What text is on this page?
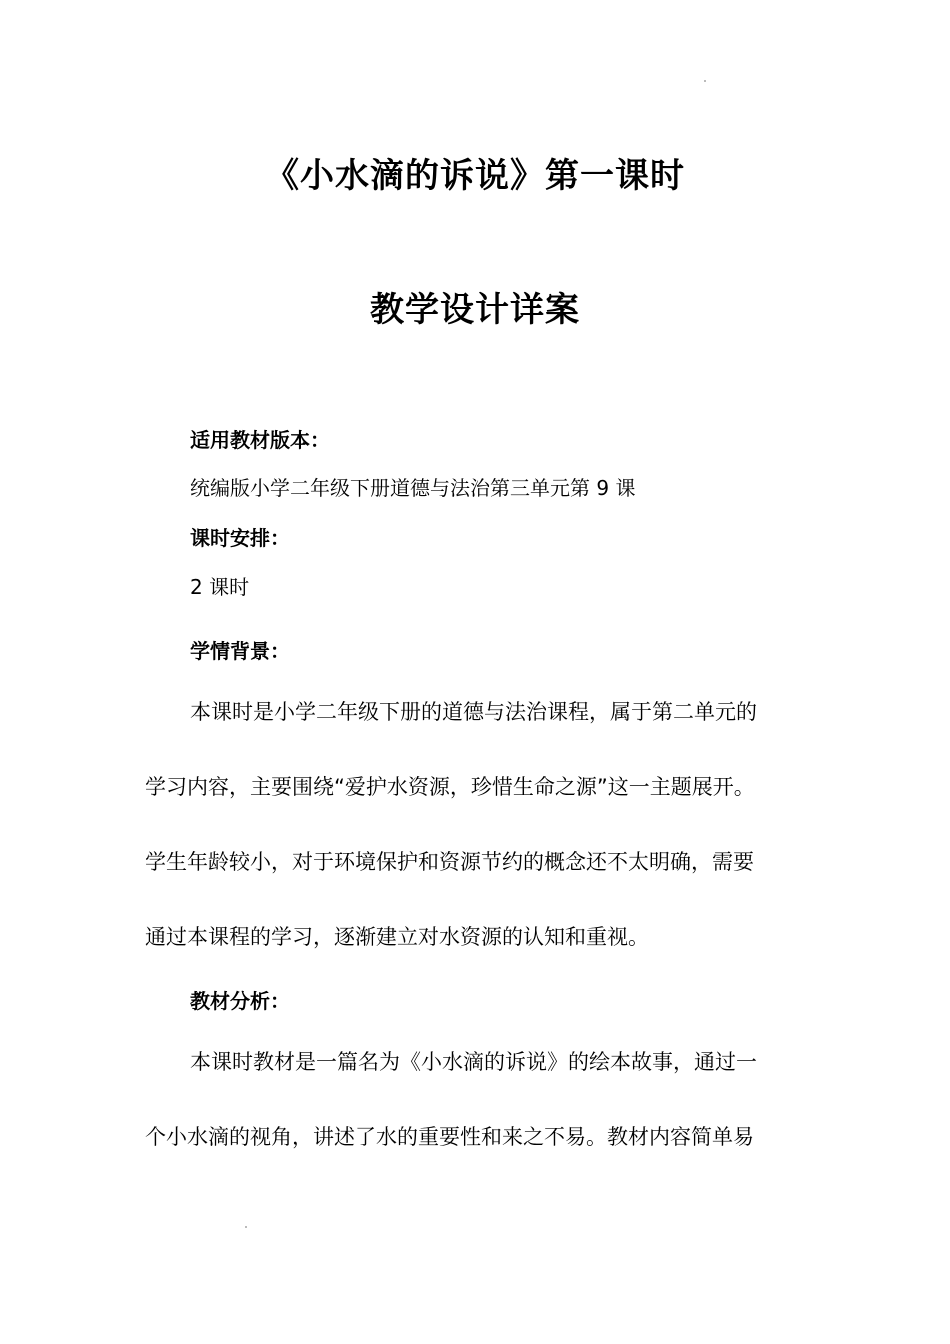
《小水滴的诉说》第一课时
教学设计详案

适用教材版本：

统编版小学二年级下册道德与法治第三单元第 9 课

课时安排：

2 课时

学情背景：

本课时是小学二年级下册的道德与法治课程，属于第二单元的

学习内容，主要围绕“爱护水资源，珍惜生命之源”这一主题展开。

学生年龄较小，对于环境保护和资源节约的概念还不太明确，需要

通过本课程的学习，逐渐建立对水资源的认知和重视。

教材分析：

本课时教材是一篇名为《小水滴的诉说》的绘本故事，通过一

个小水滴的视角，讲述了水的重要性和来之不易。教材内容简单易
